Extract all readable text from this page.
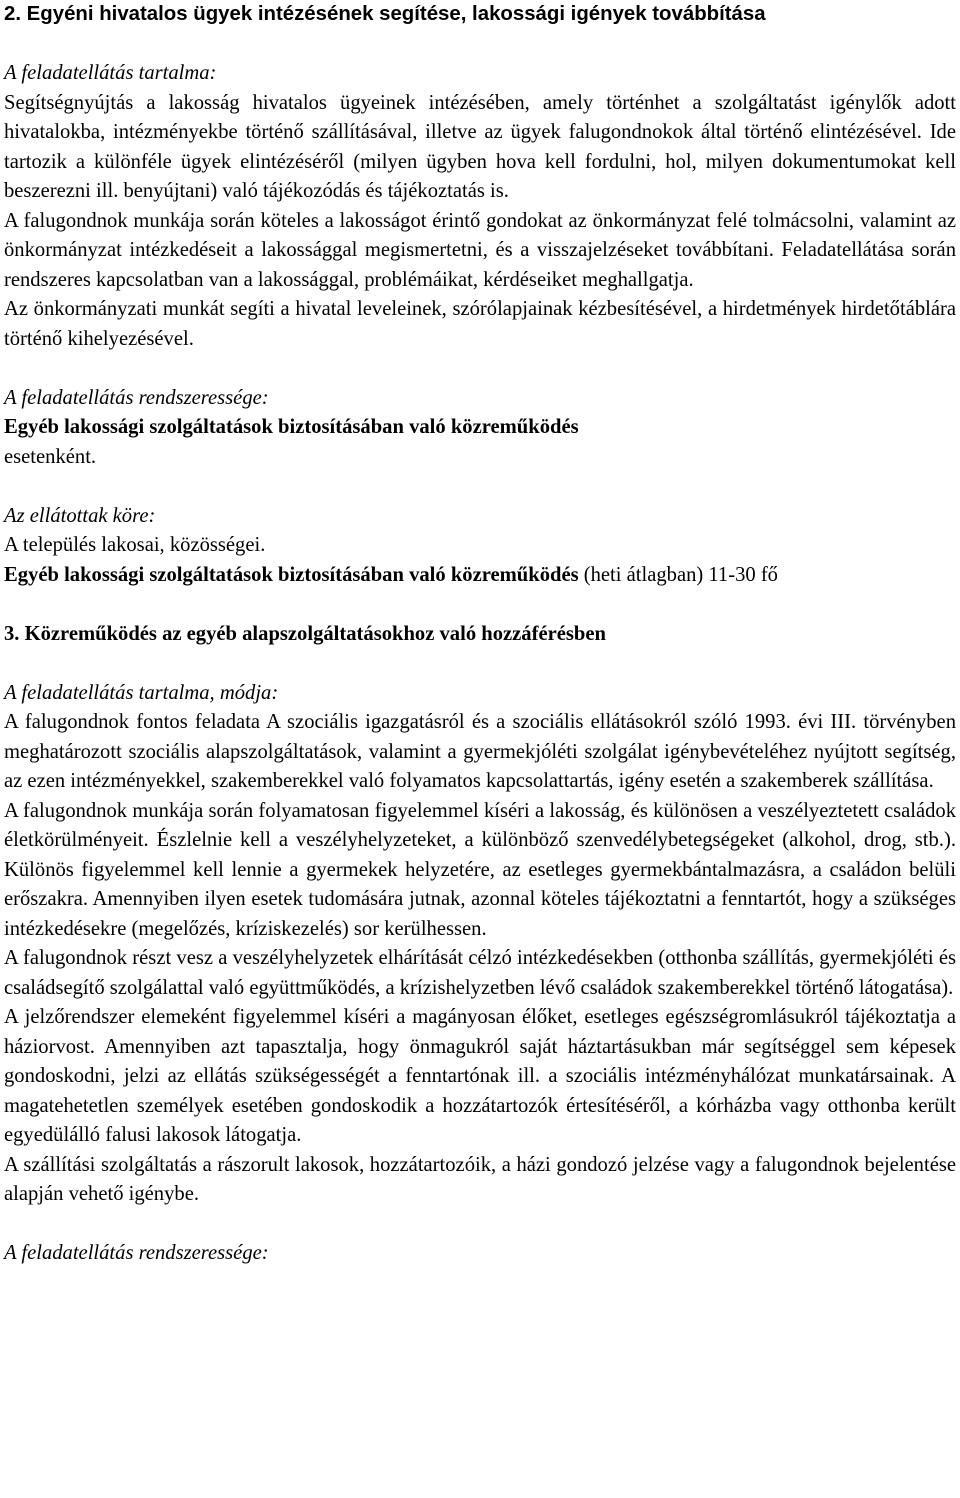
2. Egyéni hivatalos ügyek intézésének segítése, lakossági igények továbbítása

A feladatellátás tartalma:

Segítségnyújtás a lakosság hivatalos ügyeinek intézésében, amely történhet a szolgáltatást igénylők adott hivatalokba, intézményekbe történő szállításával, illetve az ügyek falugondnokok által történő elintézésével. Ide tartozik a különféle ügyek elintézéséről (milyen ügyben hova kell fordulni, hol, milyen dokumentumokat kell beszerezni ill. benyújtani) való tájékozódás és tájékoztatás is.

A falugondnok munkája során köteles a lakosságot érintő gondokat az önkormányzat felé tolmácsolni, valamint az önkormányzat intézkedéseit a lakossággal megismertetni, és a visszajelzéseket továbbítani. Feladatellátása során rendszeres kapcsolatban van a lakossággal, problémáikat, kérdéseiket meghallgatja.

Az önkormányzati munkát segíti a hivatal leveleinek, szórólapjainak kézbesítésével, a hirdetmények hirdetőtáblára történő kihelyezésével.

A feladatellátás rendszeressége:

Egyéb lakossági szolgáltatások biztosításában való közreműködés

esetenként.

Az ellátottak köre:

A település lakosai, közösségei.

Egyéb lakossági szolgáltatások biztosításában való közreműködés (heti átlagban) 11-30 fő

3. Közreműködés az egyéb alapszolgáltatásokhoz való hozzáférésben

A feladatellátás tartalma, módja:

A falugondnok fontos feladata A szociális igazgatásról és a szociális ellátásokról szóló 1993. évi III. törvényben meghatározott szociális alapszolgáltatások, valamint a gyermekjóléti szolgálat igénybevételéhez nyújtott segítség, az ezen intézményekkel, szakemberekkel való folyamatos kapcsolattartás, igény esetén a szakemberek szállítása.

A falugondnok munkája során folyamatosan figyelemmel kíséri a lakosság, és különösen a veszélyeztetett családok életkörülményeit. Észlelnie kell a veszélyhelyzeteket, a különböző szenvedélybetegségeket (alkohol, drog, stb.). Különös figyelemmel kell lennie a gyermekek helyzetére, az esetleges gyermekbántalmazásra, a családon belüli erőszakra. Amennyiben ilyen esetek tudomására jutnak, azonnal köteles tájékoztatni a fenntartót, hogy a szükséges intézkedésekre (megelőzés, kríziskezelés) sor kerülhessen.

A falugondnok részt vesz a veszélyhelyzetek elhárítását célzó intézkedésekben (otthonba szállítás, gyermekjóléti és családsegítő szolgálattal való együttműködés, a krízishelyzetben lévő családok szakemberekkel történő látogatása).

A jelzőrendszer elemeként figyelemmel kíséri a magányosan élőket, esetleges egészségromlásukról tájékoztatja a háziorvost. Amennyiben azt tapasztalja, hogy önmagukról saját háztartásukban már segítséggel sem képesek gondoskodni, jelzi az ellátás szükségességét a fenntartónak ill. a szociális intézményhálózat munkatársainak. A magatehetetlen személyek esetében gondoskodik a hozzátartozók értesítéséről, a kórházba vagy otthonba került egyedülálló falusi lakosok látogatja.

A szállítási szolgáltatás a rászorult lakosok, hozzátartozóik, a házi gondozó jelzése vagy a falugondnok bejelentése alapján vehető igénybe.

A feladatellátás rendszeressége:
